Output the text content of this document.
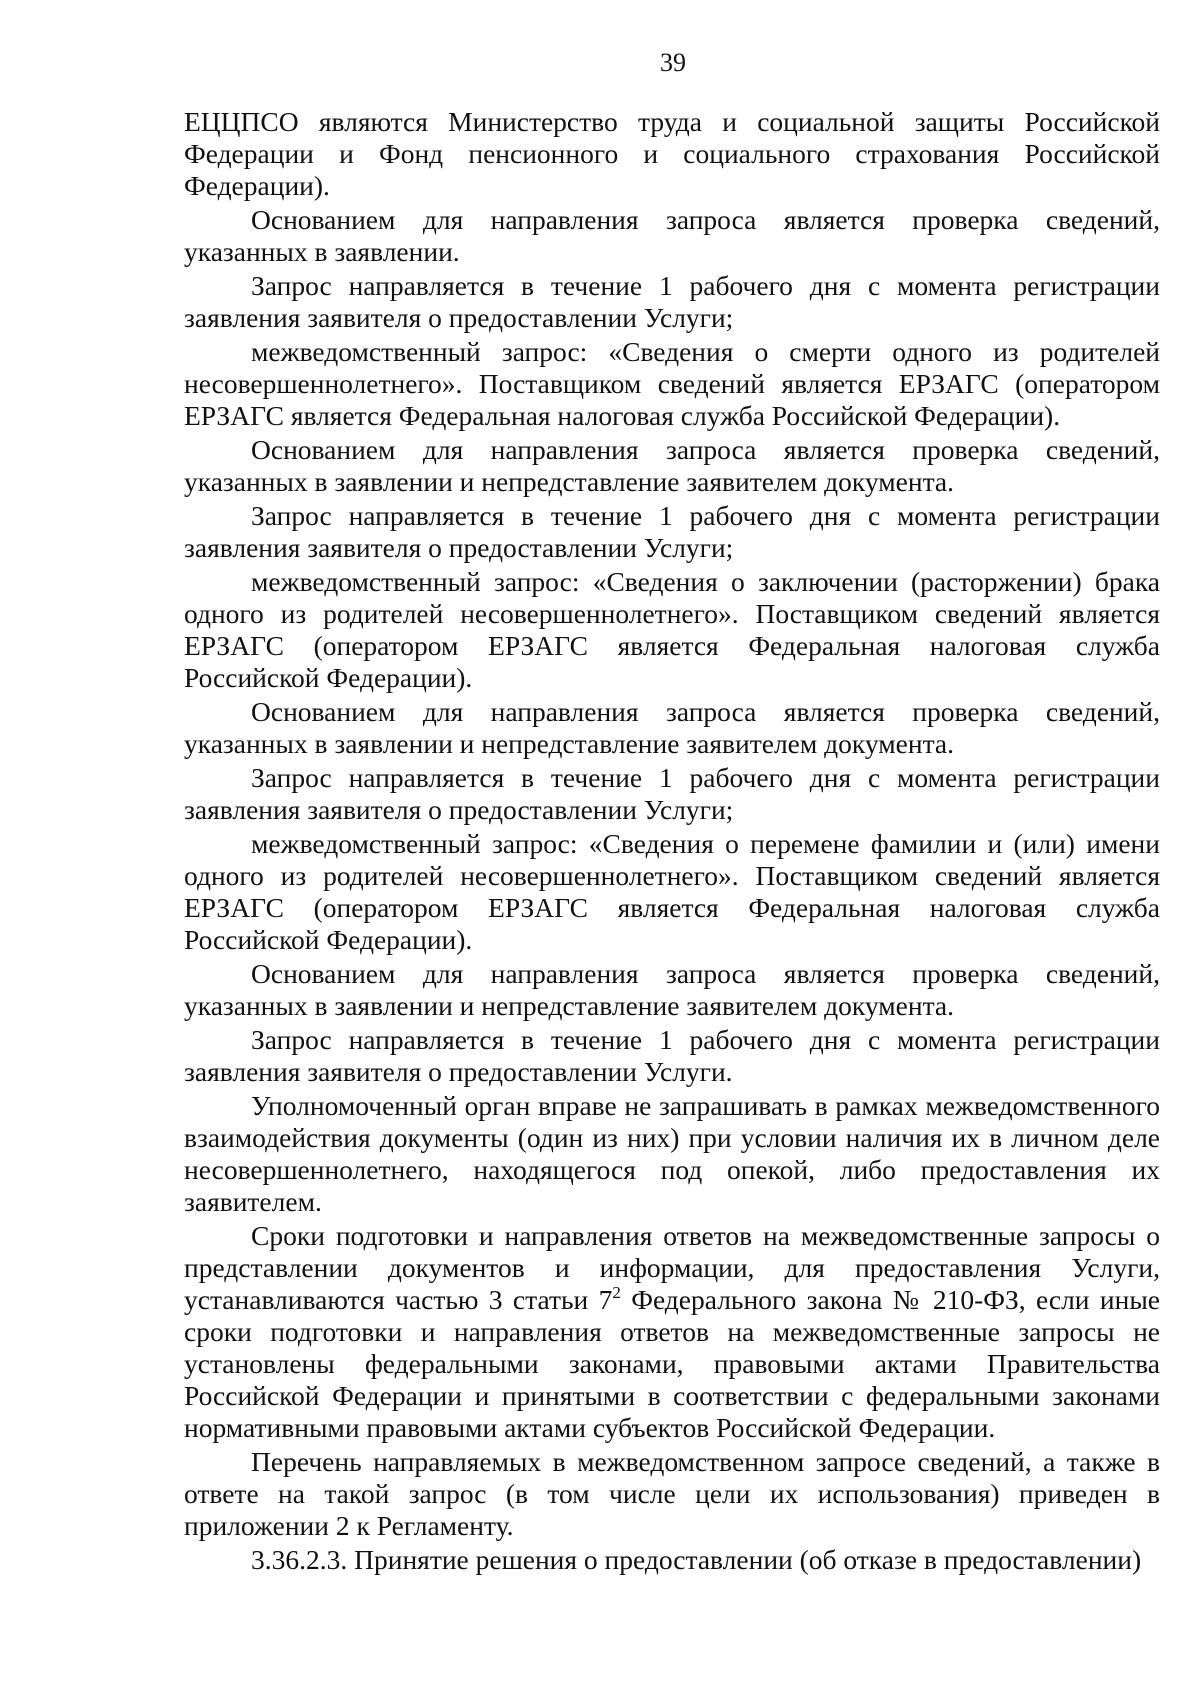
39

ЕЦЦПСО являются Министерство труда и социальной защиты Российской Федерации и Фонд пенсионного и социального страхования Российской Федерации).

Основанием для направления запроса является проверка сведений, указанных в заявлении.

Запрос направляется в течение 1 рабочего дня с момента регистрации заявления заявителя о предоставлении Услуги;

межведомственный запрос: «Сведения о смерти одного из родителей несовершеннолетнего». Поставщиком сведений является ЕРЗАГС (оператором ЕРЗАГС является Федеральная налоговая служба Российской Федерации).

Основанием для направления запроса является проверка сведений, указанных в заявлении и непредставление заявителем документа.

Запрос направляется в течение 1 рабочего дня с момента регистрации заявления заявителя о предоставлении Услуги;

межведомственный запрос: «Сведения о заключении (расторжении) брака одного из родителей несовершеннолетнего». Поставщиком сведений является ЕРЗАГС (оператором ЕРЗАГС является Федеральная налоговая служба Российской Федерации).

Основанием для направления запроса является проверка сведений, указанных в заявлении и непредставление заявителем документа.

Запрос направляется в течение 1 рабочего дня с момента регистрации заявления заявителя о предоставлении Услуги;

межведомственный запрос: «Сведения о перемене фамилии и (или) имени одного из родителей несовершеннолетнего». Поставщиком сведений является ЕРЗАГС (оператором ЕРЗАГС является Федеральная налоговая служба Российской Федерации).

Основанием для направления запроса является проверка сведений, указанных в заявлении и непредставление заявителем документа.

Запрос направляется в течение 1 рабочего дня с момента регистрации заявления заявителя о предоставлении Услуги.

Уполномоченный орган вправе не запрашивать в рамках межведомственного взаимодействия документы (один из них) при условии наличия их в личном деле несовершеннолетнего, находящегося под опекой, либо предоставления их заявителем.

Сроки подготовки и направления ответов на межведомственные запросы о представлении документов и информации, для предоставления Услуги, устанавливаются частью 3 статьи $7^2$ Федерального закона № 210-ФЗ, если иные сроки подготовки и направления ответов на межведомственные запросы не установлены федеральными законами, правовыми актами Правительства Российской Федерации и принятыми в соответствии с федеральными законами нормативными правовыми актами субъектов Российской Федерации.

Перечень направляемых в межведомственном запросе сведений, а также в ответе на такой запрос (в том числе цели их использования) приведен в приложении 2 к Регламенту.

3.36.2.3. Принятие решения о предоставлении (об отказе в предоставлении)
